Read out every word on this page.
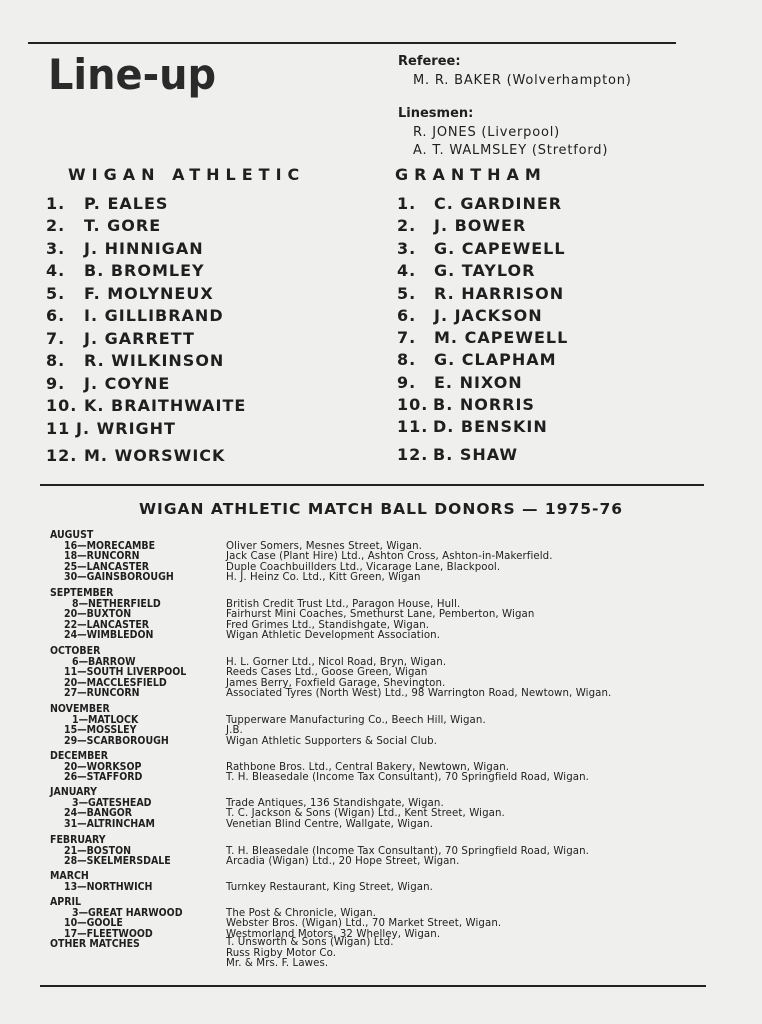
Line-up	Referee:
M. R. BAKER (Wolverhampton)
Linesmen:
R. JONES (Liverpool)
A. T. WALMSLEY (Stretford)
WIGAN ATHLETIC	GRANTHAM
1. P. EALES
2. T. GORE
3. J. HINNIGAN
4. B. BROMLEY
5. F. MOLYNEUX
6. I. GILLIBRAND
7. J. GARRETT
8. R. WILKINSON
9. J. COYNE
10. K. BRAITHWAITE
11 J. WRIGHT
12. M. WORSWICK
1. C. GARDINER
2. J. BOWER
3. G. CAPEWELL
4. G. TAYLOR
5. R. HARRISON
6. J. JACKSON
7. M. CAPEWELL
8. G. CLAPHAM
9. E. NIXON
10. B. NORRIS
11. D. BENSKIN
12. B. SHAW
WIGAN ATHLETIC MATCH BALL DONORS — 1975-76
AUGUST
16—MORECAMBE	Oliver Somers, Mesnes Street, Wigan.
18—RUNCORN	Jack Case (Plant Hire) Ltd., Ashton Cross, Ashton-in-Makerfield.
25—LANCASTER	Duple Coachbuillders Ltd., Vicarage Lane, Blackpool.
30—GAINSBOROUGH	H. J. Heinz Co. Ltd., Kitt Green, Wigan
SEPTEMBER
8—NETHERFIELD	British Credit Trust Ltd., Paragon House, Hull.
20—BUXTON	Fairhurst Mini Coaches, Smethurst Lane, Pemberton, Wigan
22—LANCASTER	Fred Grimes Ltd., Standishgate, Wigan.
24—WIMBLEDON	Wigan Athletic Development Association.
OCTOBER
6—BARROW	H. L. Gorner Ltd., Nicol Road, Bryn, Wigan.
11—SOUTH LIVERPOOL	Reeds Cases Ltd., Goose Green, Wigan
20—MACCLESFIELD	James Berry, Foxfield Garage, Shevington.
27—RUNCORN	Associated Tyres (North West) Ltd., 98 Warrington Road, Newtown, Wigan.
NOVEMBER
1—MATLOCK	Tupperware Manufacturing Co., Beech Hill, Wigan.
15—MOSSLEY	J.B.
29—SCARBOROUGH	Wigan Athletic Supporters & Social Club.
DECEMBER
20—WORKSOP	Rathbone Bros. Ltd., Central Bakery, Newtown, Wigan.
26—STAFFORD	T. H. Bleasedale (Income Tax Consultant), 70 Springfield Road, Wigan.
JANUARY
3—GATESHEAD	Trade Antiques, 136 Standishgate, Wigan.
24—BANGOR	T. C. Jackson & Sons (Wigan) Ltd., Kent Street, Wigan.
31—ALTRINCHAM	Venetian Blind Centre, Wallgate, Wigan.
FEBRUARY
21—BOSTON	T. H. Bleasedale (Income Tax Consultant), 70 Springfield Road, Wigan.
28—SKELMERSDALE	Arcadia (Wigan) Ltd., 20 Hope Street, Wigan.
MARCH
13—NORTHWICH	Turnkey Restaurant, King Street, Wigan.
APRIL
3—GREAT HARWOOD	The Post & Chronicle, Wigan.
10—GOOLE	Webster Bros. (Wigan) Ltd., 70 Market Street, Wigan.
17—FLEETWOOD	Westmorland Motors, 32 Whelley, Wigan.
OTHER MATCHES	T. Unsworth & Sons (Wigan) Ltd.
Russ Rigby Motor Co.
Mr. & Mrs. F. Lawes.
